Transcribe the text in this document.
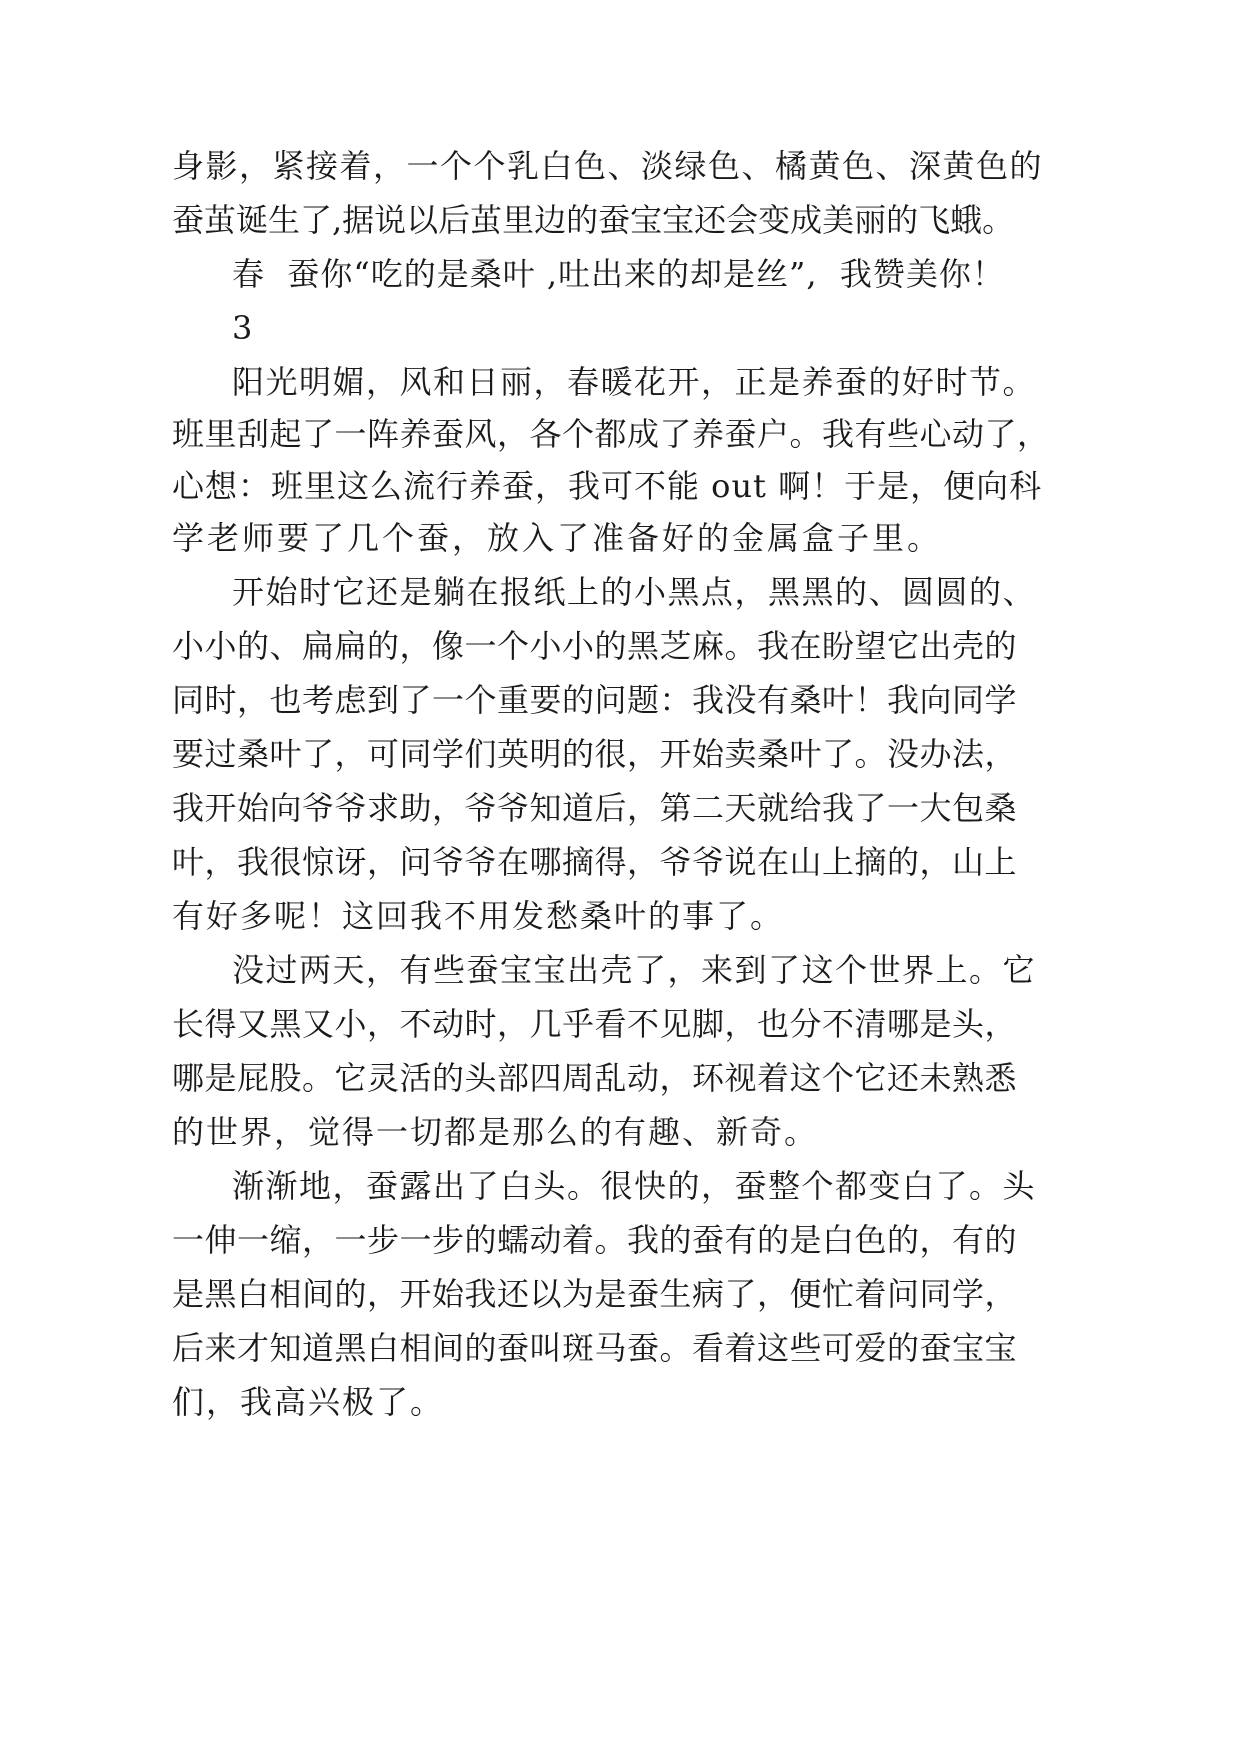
身影，紧接着，一个个乳白色、淡绿色、橘黄色、深黄色的

蚕茧诞生了,据说以后茧里边的蚕宝宝还会变成美丽的飞蛾。

春  蚕你“吃的是桑叶 ,吐出来的却是丝”,  我赞美你！

3

阳光明媚，风和日丽，春暖花开，正是养蚕的好时节。

班里刮起了一阵养蚕风，各个都成了养蚕户。我有些心动了，

心想：班里这么流行养蚕，我可不能 out 啊！于是，便向科

学老师要了几个蚕，放入了准备好的金属盒子里。

开始时它还是躺在报纸上的小黑点，黑黑的、圆圆的、

小小的、扁扁的，像一个小小的黑芝麻。我在盼望它出壳的

同时，也考虑到了一个重要的问题：我没有桑叶！我向同学

要过桑叶了，可同学们英明的很，开始卖桑叶了。没办法，

我开始向爷爷求助，爷爷知道后，第二天就给我了一大包桑

叶，我很惊讶，问爷爷在哪摘得，爷爷说在山上摘的，山上

有好多呢！这回我不用发愁桑叶的事了。

没过两天，有些蚕宝宝出壳了，来到了这个世界上。它

长得又黑又小，不动时，几乎看不见脚，也分不清哪是头，

哪是屁股。它灵活的头部四周乱动，环视着这个它还未熟悉

的世界，觉得一切都是那么的有趣、新奇。

渐渐地，蚕露出了白头。很快的，蚕整个都变白了。头

一伸一缩，一步一步的蠕动着。我的蚕有的是白色的，有的

是黑白相间的，开始我还以为是蚕生病了，便忙着问同学，

后来才知道黑白相间的蚕叫斑马蚕。看着这些可爱的蚕宝宝

们，我高兴极了。
